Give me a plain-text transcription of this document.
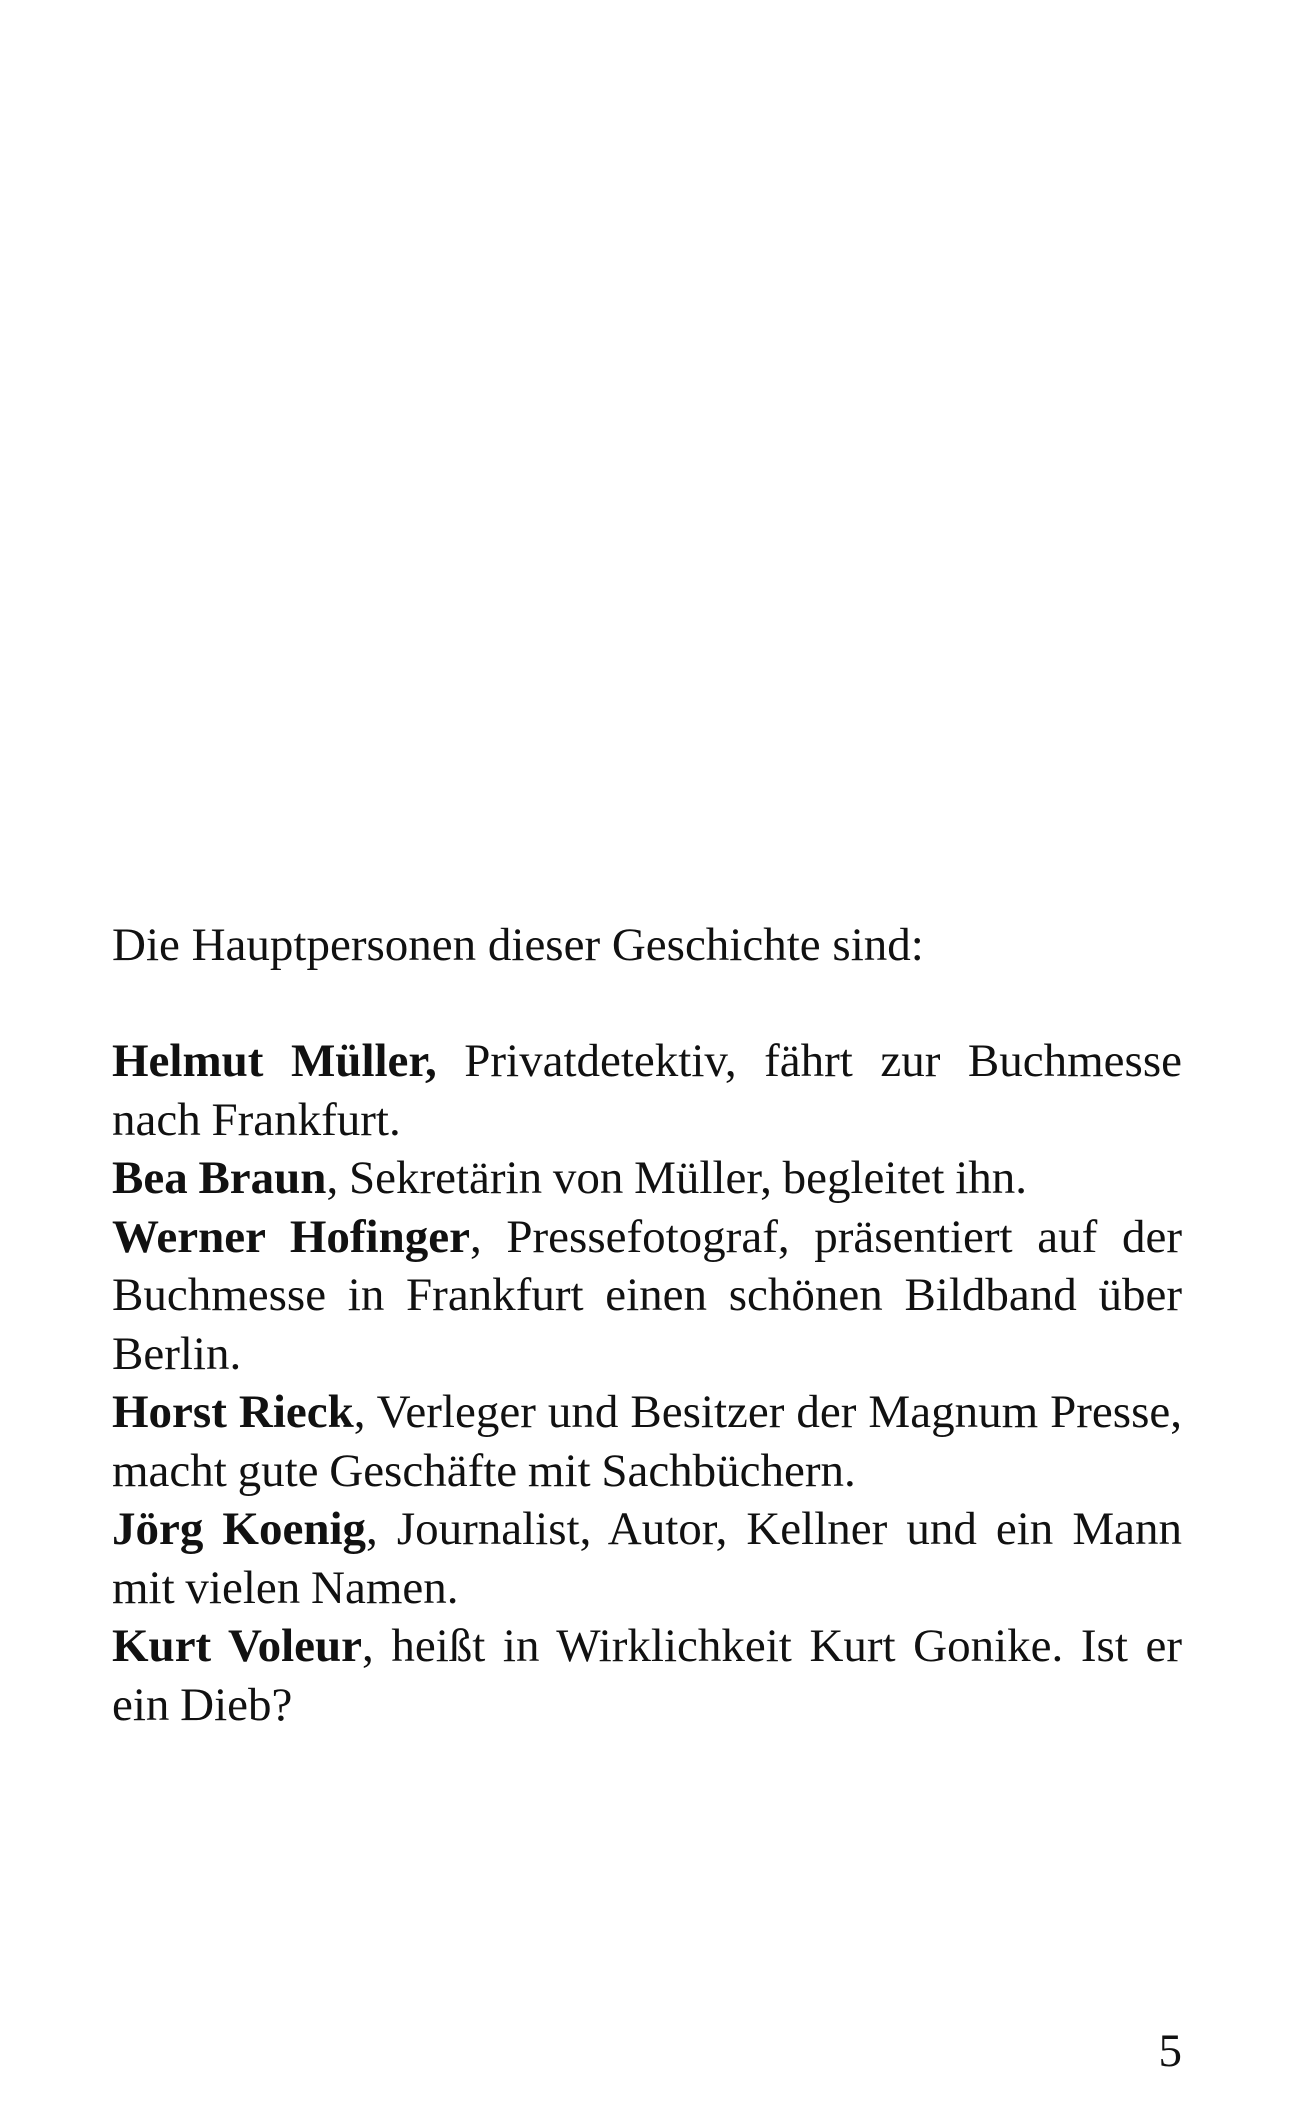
Die Hauptpersonen dieser Geschichte sind:

Helmut Müller, Privatdetektiv, fährt zur Buchmesse nach Frankfurt.
Bea Braun, Sekretärin von Müller, begleitet ihn.
Werner Hofinger, Pressefotograf, präsentiert auf der Buchmesse in Frankfurt einen schönen Bildband über Berlin.
Horst Rieck, Verleger und Besitzer der Magnum Presse, macht gute Geschäfte mit Sachbüchern.
Jörg Koenig, Journalist, Autor, Kellner und ein Mann mit vielen Namen.
Kurt Voleur, heißt in Wirklichkeit Kurt Gonike. Ist er ein Dieb?
5
